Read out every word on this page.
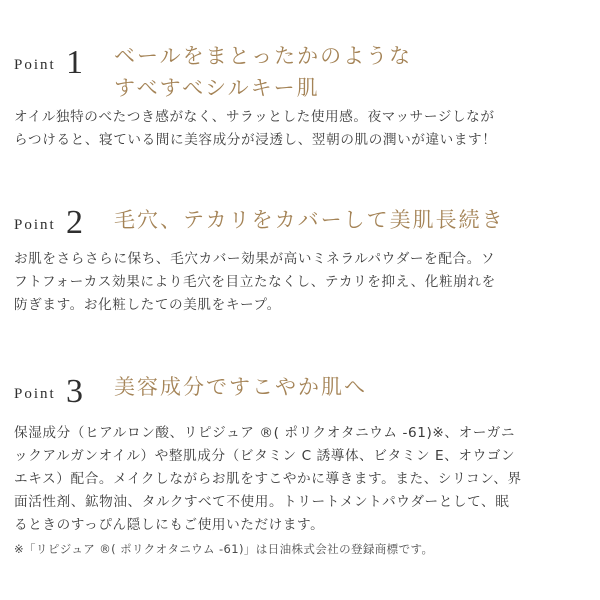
Point 1 ベールをまとったかのような
すべすべシルキー肌
オイル独特のべたつき感がなく、サラッとした使用感。夜マッサージしなが
らつけると、寝ている間に美容成分が浸透し、翌朝の肌の潤いが違います！
Point 2 毛穴、テカリをカバーして美肌長続き
お肌をさらさらに保ち、毛穴カバー効果が高いミネラルパウダーを配合。ソ
フトフォーカス効果により毛穴を目立たなくし、テカリを抑え、化粧崩れを
防ぎます。お化粧したての美肌をキープ。
Point 3 美容成分ですこやか肌へ
保湿成分（ヒアルロン酸、リピジュア ®( ポリクオタニウム -61)※、オーガニ
ックアルガンオイル）や整肌成分（ビタミン C 誘導体、ビタミン E、オウゴン
エキス）配合。メイクしながらお肌をすこやかに導きます。また、シリコン、界
面活性剤、鉱物油、タルクすべて不使用。トリートメントパウダーとして、眠
るときのすっぴん隠しにもご使用いただけます。
※「リピジュア ®( ポリクオタニウム -61)」は日油株式会社の登録商標です。
